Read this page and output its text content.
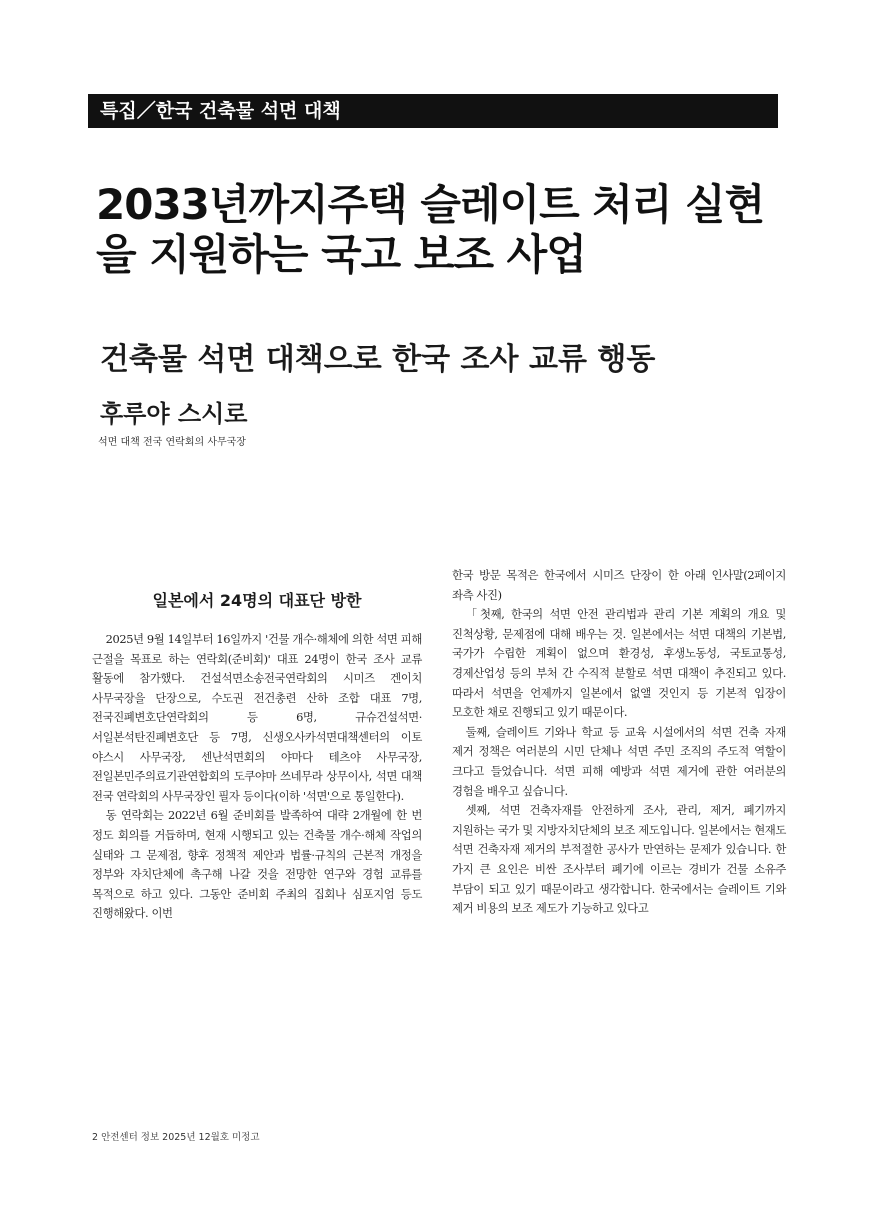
특집／한국 건축물 석면 대책
2033년까지주택 슬레이트 처리 실현
을 지원하는 국고 보조 사업
건축물 석면 대책으로 한국 조사 교류 행동
후루야 스시로
석면 대책 전국 연락회의 사무국장
일본에서 24명의 대표단 방한

2025년 9월 14일부터 16일까지 '건물 개수·해체에 의한 석면 피해 근절을 목표로 하는 연락회(준비회)' 대표 24명이 한국 조사 교류 활동에 참가했다. 건설석면소송전국연락회의 시미즈 겐이치 사무국장을 단장으로, 수도권 전건총련 산하 조합 대표 7명, 전국진폐변호단연락회의 등 6명, 규슈건설석면·서일본석탄진폐변호단 등 7명, 신생오사카석면대책센터의 이토 야스시 사무국장, 센난석면회의 야마다 테츠야 사무국장, 전일본민주의료기관연합회의 도쿠야마 쓰네무라 상무이사, 석면 대책 전국 연락회의 사무국장인 필자 등이다(이하 '석면'으로 통일한다).

동 연락회는 2022년 6월 준비회를 발족하여 대략 2개월에 한 번 정도 회의를 거듭하며, 현재 시행되고 있는 건축물 개수·해체 작업의 실태와 그 문제점, 향후 정책적 제안과 법률·규칙의 근본적 개정을 정부와 자치단체에 촉구해 나갈 것을 전망한 연구와 경험 교류를 목적으로 하고 있다. 그동안 준비회 주최의 집회나 심포지엄 등도 진행해왔다. 이번

한국 방문 목적은 한국에서 시미즈 단장이 한 아래 인사말(2페이지 좌측 사진)

「첫째, 한국의 석면 안전 관리법과 관리 기본 계획의 개요 및 진척상황, 문제점에 대해 배우는 것. 일본에서는 석면 대책의 기본법, 국가가 수립한 계획이 없으며 환경성, 후생노동성, 국토교통성, 경제산업성 등의 부처 간 수직적 분할로 석면 대책이 추진되고 있다. 따라서 석면을 언제까지 일본에서 없앨 것인지 등 기본적 입장이 모호한 채로 진행되고 있기 때문이다.

둘째, 슬레이트 기와나 학교 등 교육 시설에서의 석면 건축 자재 제거 정책은 여러분의 시민 단체나 석면 주민 조직의 주도적 역할이 크다고 들었습니다. 석면 피해 예방과 석면 제거에 관한 여러분의 경험을 배우고 싶습니다.

셋째, 석면 건축자재를 안전하게 조사, 관리, 제거, 폐기까지 지원하는 국가 및 지방자치단체의 보조 제도입니다. 일본에서는 현재도 석면 건축자재 제거의 부적절한 공사가 만연하는 문제가 있습니다. 한 가지 큰 요인은 비싼 조사부터 폐기에 이르는 경비가 건물 소유주 부담이 되고 있기 때문이라고 생각합니다. 한국에서는 슬레이트 기와 제거 비용의 보조 제도가 기능하고 있다고

2 안전센터 정보 2025년 12월호 미정고
